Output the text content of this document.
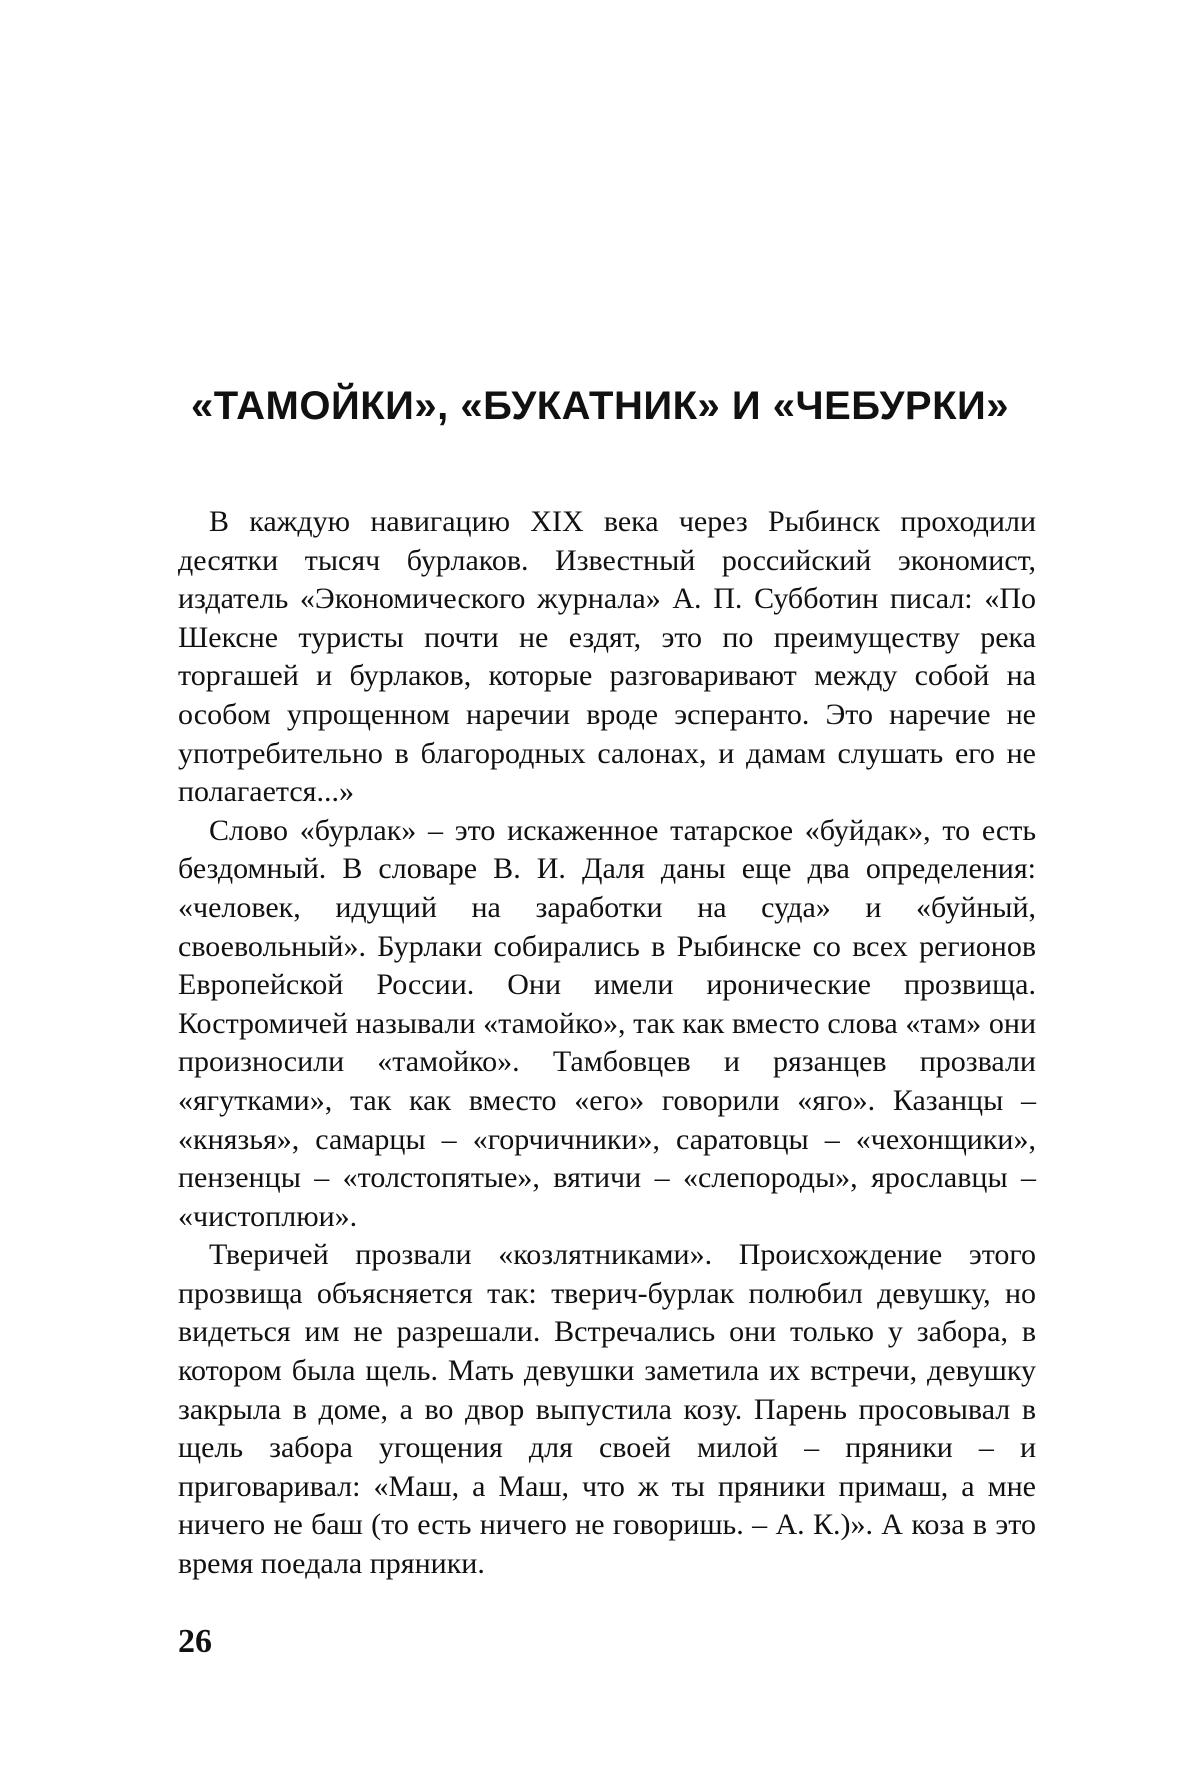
«ТАМОЙКИ», «БУКАТНИК» И «ЧЕБУРКИ»

В каждую навигацию XIX века через Рыбинск проходили десятки тысяч бурлаков. Известный российский экономист, издатель «Экономического журнала» А. П. Субботин писал: «По Шексне туристы почти не ездят, это по преимуществу река торгашей и бурлаков, которые разговаривают между собой на особом упрощенном наречии вроде эсперанто. Это наречие не употребительно в благородных салонах, и дамам слушать его не полагается...»

Слово «бурлак» – это искаженное татарское «буйдак», то есть бездомный. В словаре В. И. Даля даны еще два определения: «человек, идущий на заработки на суда» и «буйный, своевольный». Бурлаки собирались в Рыбинске со всех регионов Европейской России. Они имели иронические прозвища. Костромичей называли «тамойко», так как вместо слова «там» они произносили «тамойко». Тамбовцев и рязанцев прозвали «ягутками», так как вместо «его» говорили «яго». Казанцы – «князья», самарцы – «горчичники», саратовцы – «чехонщики», пензенцы – «толстопятые», вятичи – «слепороды», ярославцы – «чистоплюи».

Тверичей прозвали «козлятниками». Происхождение этого прозвища объясняется так: тверич-бурлак полюбил девушку, но видеться им не разрешали. Встречались они только у забора, в котором была щель. Мать девушки заметила их встречи, девушку закрыла в доме, а во двор выпустила козу. Парень просовывал в щель забора угощения для своей милой – пряники – и приговаривал: «Маш, а Маш, что ж ты пряники примаш, а мне ничего не баш (то есть ничего не говоришь. – А. К.)». А коза в это время поедала пряники.

26
